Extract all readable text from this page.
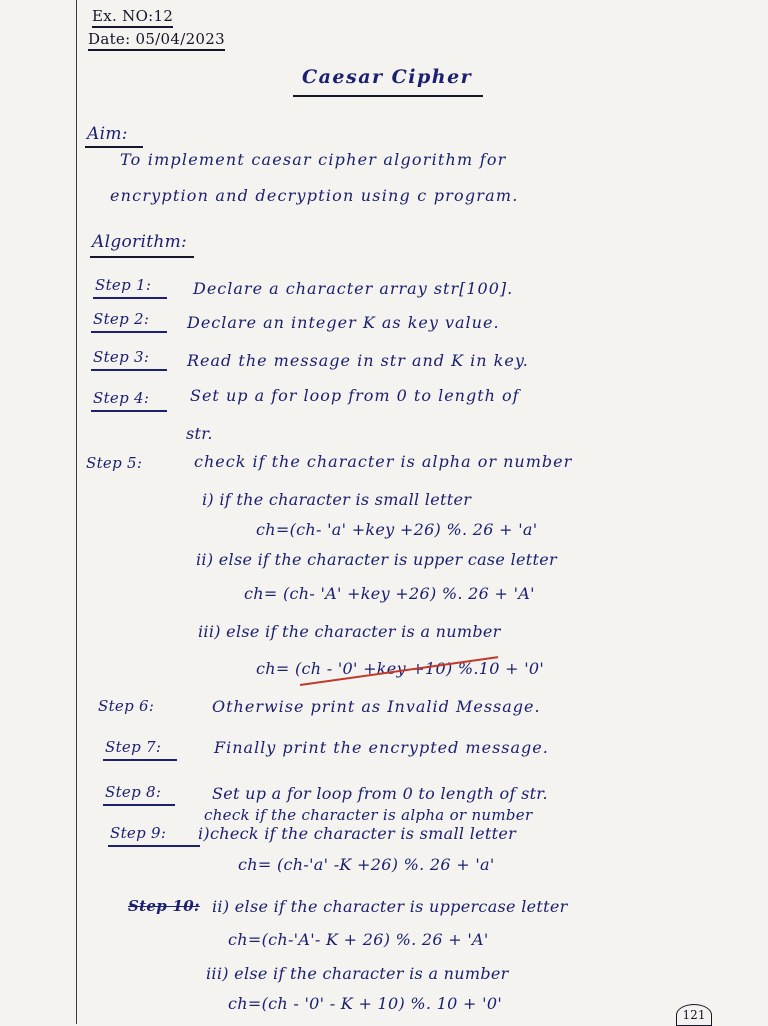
Ex. NO:12
Date: 05/04/2023
Caesar Cipher
Aim:
To implement caesar cipher algorithm for
encryption and decryption using c program.
Algorithm:
Step 1:	Declare a character array str[100].
Step 2: Declare an integer K as key value.
Step 3: Read the message in str and K in key.
Step 4:	Set up a for loop from 0 to length of
str.
Step 5:	check if the character is alpha or number
i) if the character is small letter
ch=(ch- 'a' +key +26) %. 26 + 'a'
ii) else if the character is upper case letter
ch= (ch- 'A' +key +26) %. 26 + 'A'
iii) else if the character is a number
ch= (ch - '0' +key +10) %.10 + '0'
Step 6:	Otherwise print as Invalid Message.
Step 7:	Finally print the encrypted message.
Step 8:	Set up a for loop from 0 to length of str.
check if the character is alpha or number
Step 9: i)check if the character is small letter
ch= (ch-'a' -K +26) %. 26 + 'a'
Step 10: ii) else if the character is uppercase letter
ch=(ch-'A'- K + 26) %. 26 + 'A'
iii) else if the character is a number
ch=(ch - '0' - K + 10) %. 10 + '0'
121
